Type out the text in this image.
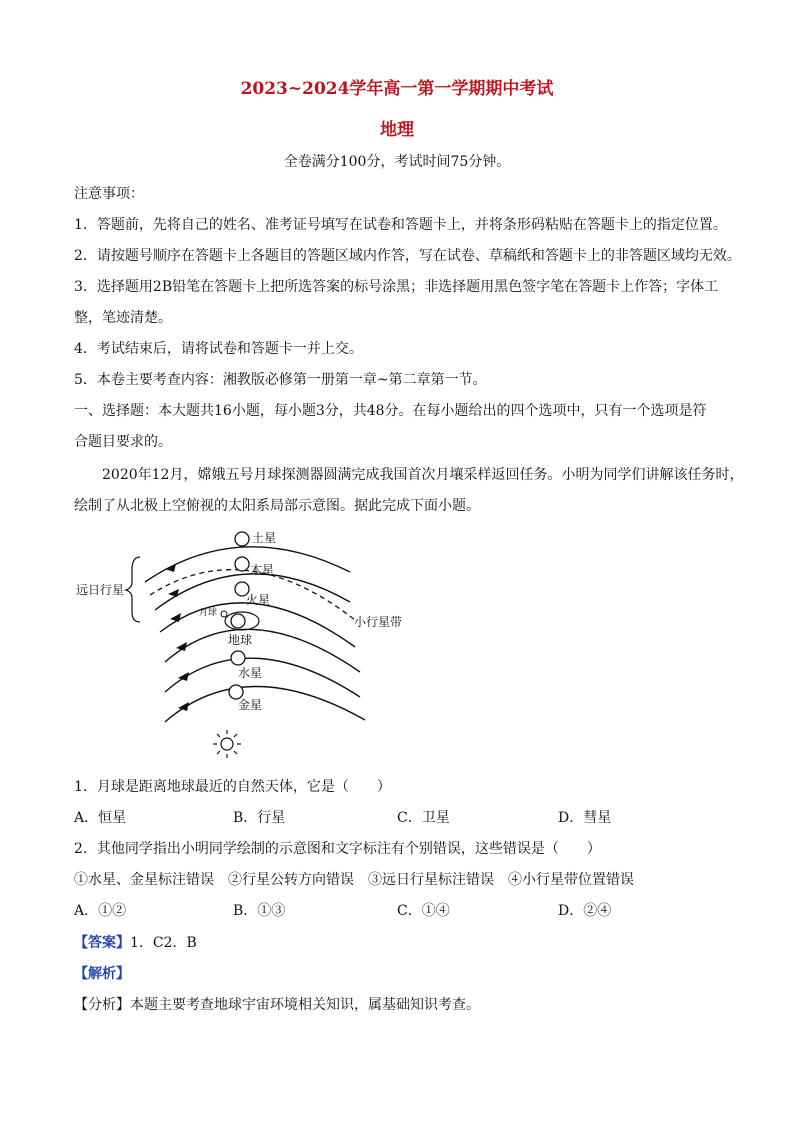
2023~2024学年高一第一学期期中考试
地理
全卷满分100分，考试时间75分钟。
注意事项：
1．答题前，先将自己的姓名、准考证号填写在试卷和答题卡上，并将条形码粘贴在答题卡上的指定位置。
2．请按题号顺序在答题卡上各题目的答题区域内作答，写在试卷、草稿纸和答题卡上的非答题区域均无效。
3．选择题用2B铅笔在答题卡上把所选答案的标号涂黑；非选择题用黑色签字笔在答题卡上作答；字体工
整，笔迹清楚。
4．考试结束后，请将试卷和答题卡一并上交。
5．本卷主要考查内容：湘教版必修第一册第一章~第二章第一节。
一、选择题：本大题共16小题，每小题3分，共48分。在每小题给出的四个选项中，只有一个选项是符
合题目要求的。
2020年12月，嫦娥五号月球探测器圆满完成我国首次月壤采样返回任务。小明为同学们讲解该任务时，
绘制了从北极上空俯视的太阳系局部示意图。据此完成下面小题。
土星
木星
火星
月球
地球
水星
金星
小行星带
远日行星
1．月球是距离地球最近的自然天体，它是（　　）
A．恒星	B．行星	C．卫星	D．彗星
2．其他同学指出小明同学绘制的示意图和文字标注有个别错误，这些错误是（　　）
①水星、金星标注错误　②行星公转方向错误　③远日行星标注错误　④小行星带位置错误
A．①②	B．①③	C．①④	D．②④
【答案】1．C2．B
【解析】
【分析】本题主要考查地球宇宙环境相关知识，属基础知识考查。
